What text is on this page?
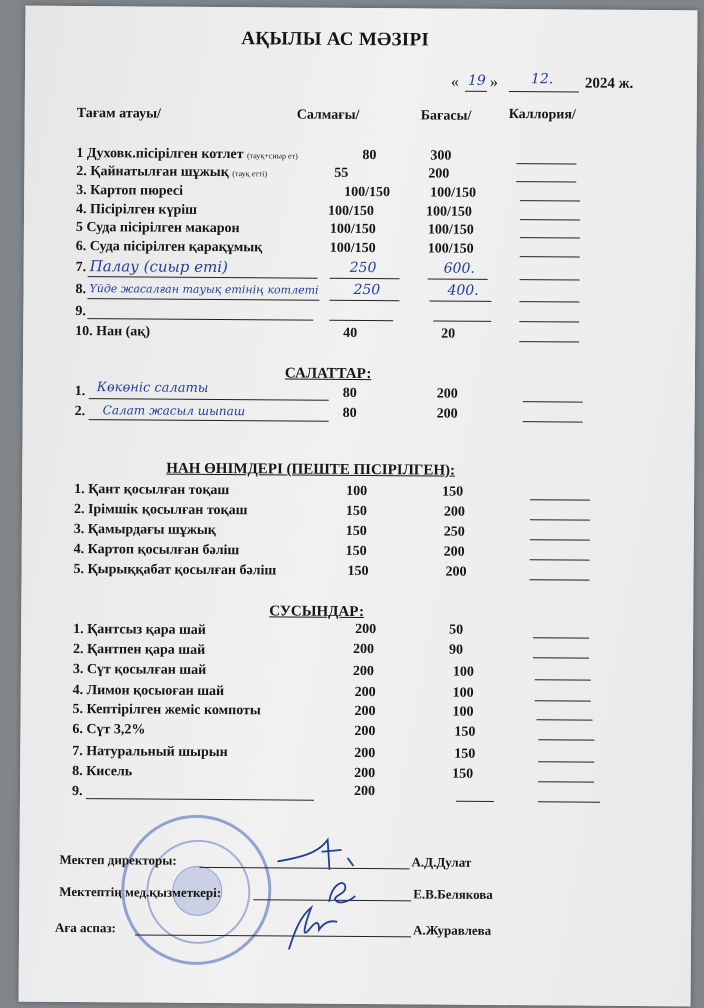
АҚЫЛЫ АС МӘЗІРІ
« 19 » 12. 2024 ж.
Тағам атауы/	Салмағы/	Бағасы/	Каллория/
1 Духовк.пісірілген котлет (тауқ+сиыр ет)	80	300
2. Қайнатылған шұжық (тауқ етті)	55	200
3. Картоп пюресі	100/150	100/150
4. Пісірілген күріш	100/150	100/150
5 Суда пісірілген макарон	100/150	100/150
6. Суда пісірілген қарақұмық	100/150	100/150
7. Палау (сиыр еті)	250	600.
8. Үйде жасалған тауық етінің котлеті 250	400.
9.
10. Нан (ақ)	40	20
САЛАТТАР:
1. Көкөніс салаты	80	200
2. Салат жасыл шыпаш	80	200
НАН ӨНІМДЕРІ (ПЕШТЕ ПІСІРІЛГЕН):
1. Қант қосылған тоқаш	100	150
2. Ірімшік қосылған тоқаш	150	200
3. Қамырдағы шұжық	150	250
4. Картоп қосылған бәліш	150	200
5. Қырыққабат қосылған бәліш	150	200
СУСЫНДАР:
1. Қантсыз қара шай	200	50
2. Қантпен қара шай	200	90
3. Сүт қосылған шай	200	100
4. Лимон қосыоған шай	200	100
5. Кептірілген жеміс компоты	200	100
6. Сүт 3,2%	200	150
7. Натуральный шырын	200	150
8. Кисель	200	150
9.	200
Мектеп директоры:	А.Д.Дулат
Мектептің мед.қызметкері:	Е.В.Белякова
Аға аспаз:	А.Журавлева
